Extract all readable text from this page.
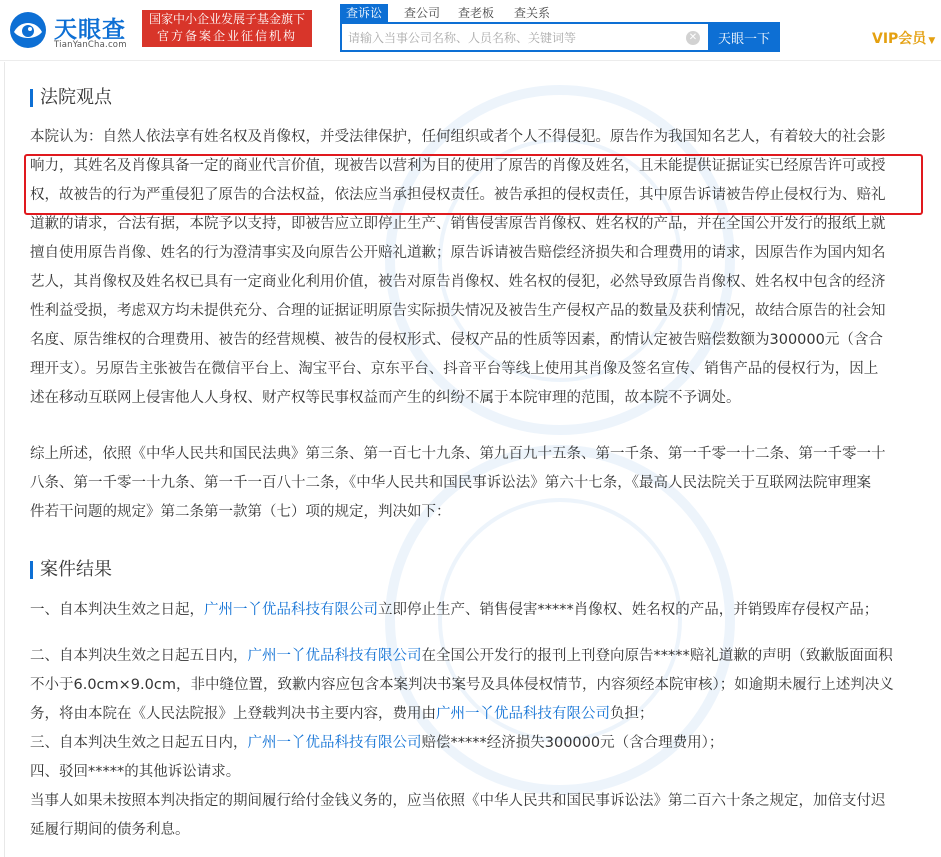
天眼查
TianYanCha.com
国家中小企业发展子基金旗下
官方备案企业征信机构
查诉讼	查公司 查老板 查关系
请输入当事公司名称、人员名称、关键词等
✕	天眼一下	VIP会员 ▼
法院观点
本院认为：自然人依法享有姓名权及肖像权，并受法律保护，任何组织或者个人不得侵犯。原告作为我国知名艺人，有着较大的社会影
响力，其姓名及肖像具备一定的商业代言价值，现被告以营利为目的使用了原告的肖像及姓名，且未能提供证据证实已经原告许可或授
权，故被告的行为严重侵犯了原告的合法权益，依法应当承担侵权责任。被告承担的侵权责任，其中原告诉请被告停止侵权行为、赔礼
道歉的请求，合法有据，本院予以支持，即被告应立即停止生产、销售侵害原告肖像权、姓名权的产品，并在全国公开发行的报纸上就
擅自使用原告肖像、姓名的行为澄清事实及向原告公开赔礼道歉；原告诉请被告赔偿经济损失和合理费用的请求，因原告作为国内知名
艺人，其肖像权及姓名权已具有一定商业化利用价值，被告对原告肖像权、姓名权的侵犯，必然导致原告肖像权、姓名权中包含的经济
性利益受损，考虑双方均未提供充分、合理的证据证明原告实际损失情况及被告生产侵权产品的数量及获利情况，故结合原告的社会知
名度、原告维权的合理费用、被告的经营规模、被告的侵权形式、侵权产品的性质等因素，酌情认定被告赔偿数额为300000元（含合
理开支）。另原告主张被告在微信平台上、淘宝平台、京东平台、抖音平台等线上使用其肖像及签名宣传、销售产品的侵权行为，因上
述在移动互联网上侵害他人人身权、财产权等民事权益而产生的纠纷不属于本院审理的范围，故本院不予调处。
综上所述，依照《中华人民共和国民法典》第三条、第一百七十九条、第九百九十五条、第一千条、第一千零一十二条、第一千零一十
八条、第一千零一十九条、第一千一百八十二条，《中华人民共和国民事诉讼法》第六十七条，《最高人民法院关于互联网法院审理案
件若干问题的规定》第二条第一款第（七）项的规定，判决如下：
案件结果
一、自本判决生效之日起，广州一丫优品科技有限公司立即停止生产、销售侵害*****肖像权、姓名权的产品，并销毁库存侵权产品；
二、自本判决生效之日起五日内，广州一丫优品科技有限公司在全国公开发行的报刊上刊登向原告*****赔礼道歉的声明（致歉版面面积
不小于6.0cm×9.0cm，非中缝位置，致歉内容应包含本案判决书案号及具体侵权情节，内容须经本院审核）；如逾期未履行上述判决义
务，将由本院在《人民法院报》上登载判决书主要内容，费用由广州一丫优品科技有限公司负担；
三、自本判决生效之日起五日内，广州一丫优品科技有限公司赔偿*****经济损失300000元（含合理费用）；
四、驳回*****的其他诉讼请求。
当事人如果未按照本判决指定的期间履行给付金钱义务的，应当依照《中华人民共和国民事诉讼法》第二百六十条之规定，加倍支付迟
延履行期间的债务利息。
